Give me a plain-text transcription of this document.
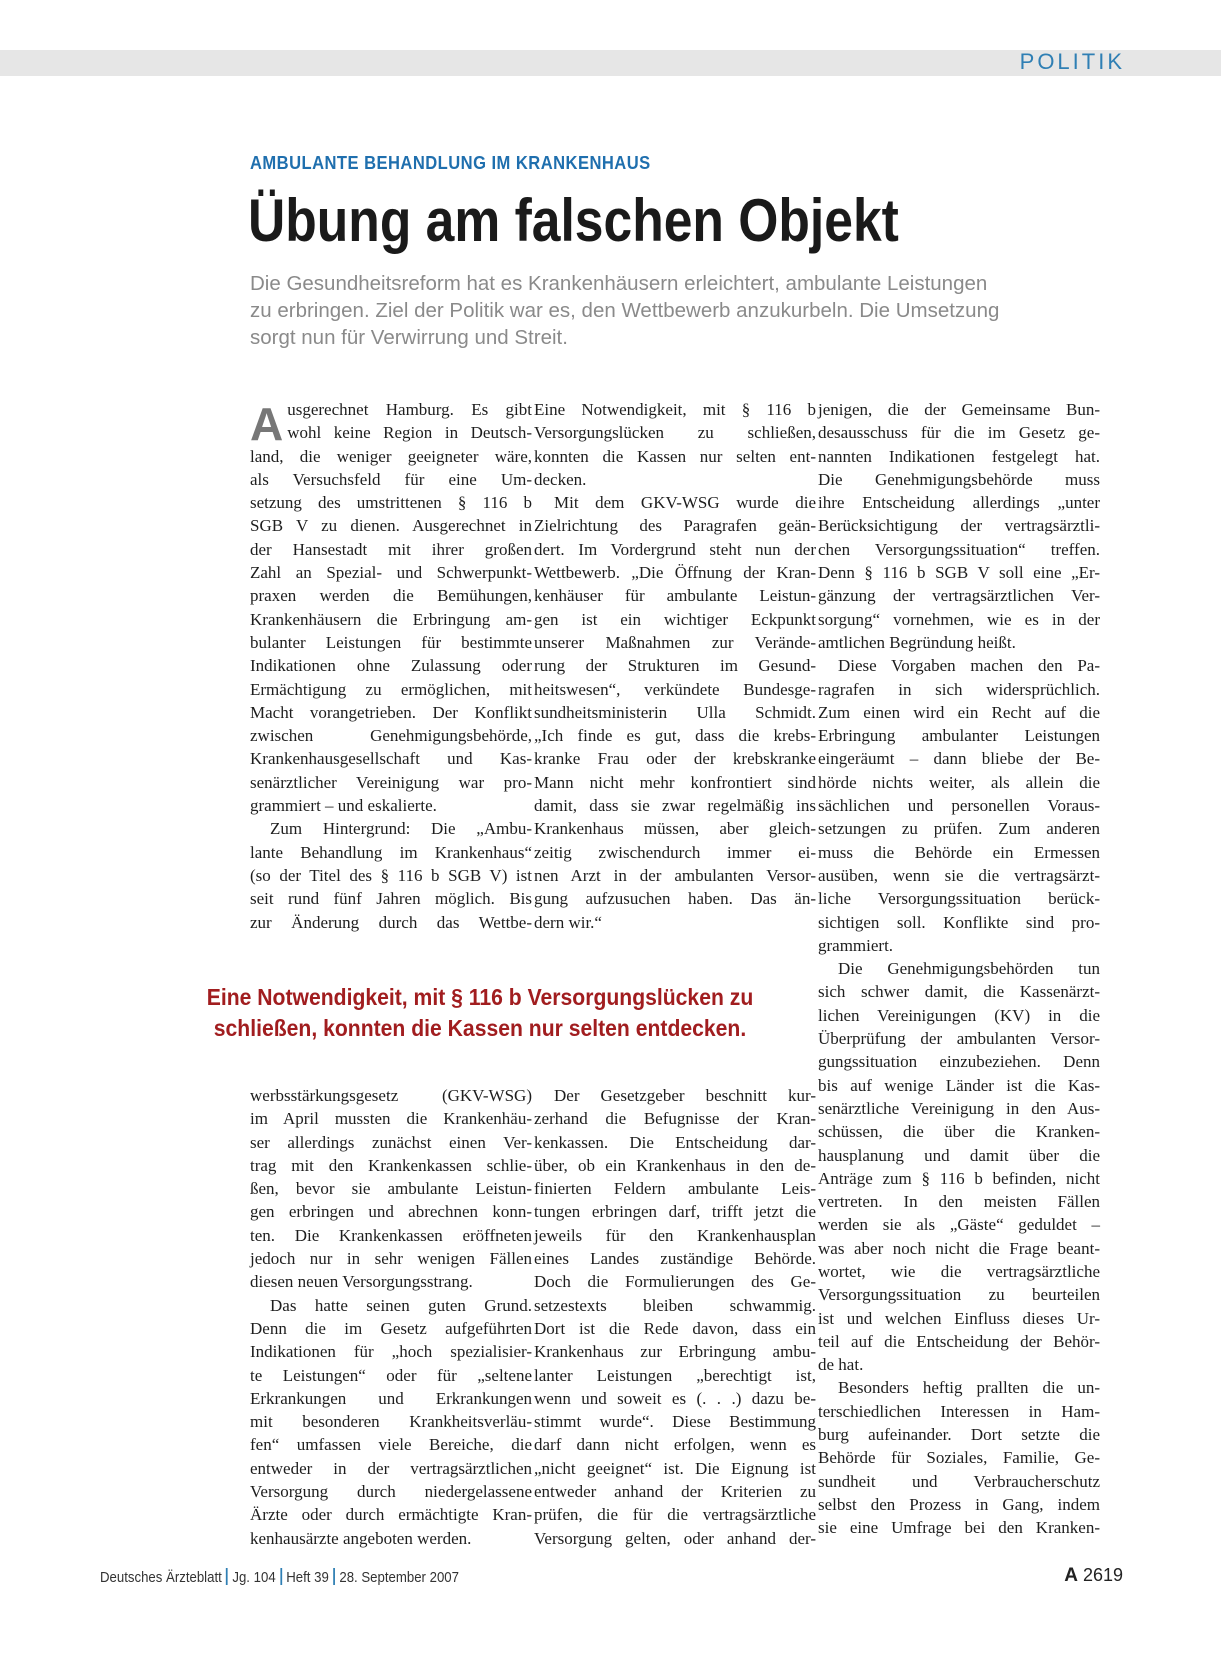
POLITIK
AMBULANTE BEHANDLUNG IM KRANKENHAUS
Übung am falschen Objekt

Die Gesundheitsreform hat es Krankenhäusern erleichtert, ambulante Leistungen

zu erbringen. Ziel der Politik war es, den Wettbewerb anzukurbeln. Die Umsetzung

sorgt nun für Verwirrung und Streit.

A usgerechnet Hamburg. Es gibt

wohl keine Region in Deutsch-

land, die weniger geeigneter wäre,

als Versuchsfeld für eine Um-

setzung des umstrittenen § 116 b

SGB V zu dienen. Ausgerechnet in

der Hansestadt mit ihrer großen

Zahl an Spezial- und Schwerpunkt-

praxen werden die Bemühungen,

Krankenhäusern die Erbringung am-

bulanter Leistungen für bestimmte

Indikationen ohne Zulassung oder

Ermächtigung zu ermöglichen, mit

Macht vorangetrieben. Der Konflikt

zwischen Genehmigungsbehörde,

Krankenhausgesellschaft und Kas-

senärztlicher Vereinigung war pro-

grammiert – und eskalierte.

Zum Hintergrund: Die „Ambu-

lante Behandlung im Krankenhaus“

(so der Titel des § 116 b SGB V) ist

seit rund fünf Jahren möglich. Bis

zur Änderung durch das Wettbe-

Eine Notwendigkeit, mit § 116 b

Versorgungslücken zu schließen,

konnten die Kassen nur selten ent-

decken.

Mit dem GKV-WSG wurde die

Zielrichtung des Paragrafen geän-

dert. Im Vordergrund steht nun der

Wettbewerb. „Die Öffnung der Kran-

kenhäuser für ambulante Leistun-

gen ist ein wichtiger Eckpunkt

unserer Maßnahmen zur Verände-

rung der Strukturen im Gesund-

heitswesen“, verkündete Bundesge-

sundheitsministerin Ulla Schmidt.

„Ich finde es gut, dass die krebs-

kranke Frau oder der krebskranke

Mann nicht mehr konfrontiert sind

damit, dass sie zwar regelmäßig ins

Krankenhaus müssen, aber gleich-

zeitig zwischendurch immer ei-

nen Arzt in der ambulanten Versor-

gung aufzusuchen haben. Das än-

dern wir.“

jenigen, die der Gemeinsame Bun-

desausschuss für die im Gesetz ge-

nannten Indikationen festgelegt hat.

Die Genehmigungsbehörde muss

ihre Entscheidung allerdings „unter

Berücksichtigung der vertragsärztli-

chen Versorgungssituation“ treffen.

Denn § 116 b SGB V soll eine „Er-

gänzung der vertragsärztlichen Ver-

sorgung“ vornehmen, wie es in der

amtlichen Begründung heißt.

Diese Vorgaben machen den Pa-

ragrafen in sich widersprüchlich.

Zum einen wird ein Recht auf die

Erbringung ambulanter Leistungen

eingeräumt – dann bliebe der Be-

hörde nichts weiter, als allein die

sächlichen und personellen Voraus-

setzungen zu prüfen. Zum anderen

muss die Behörde ein Ermessen

ausüben, wenn sie die vertragsärzt-

liche Versorgungssituation berück-

sichtigen soll. Konflikte sind pro-

grammiert.

Die Genehmigungsbehörden tun

sich schwer damit, die Kassenärzt-

lichen Vereinigungen (KV) in die

Überprüfung der ambulanten Versor-

gungssituation einzubeziehen. Denn

bis auf wenige Länder ist die Kas-

senärztliche Vereinigung in den Aus-

schüssen, die über die Kranken-

hausplanung und damit über die

Anträge zum § 116 b befinden, nicht

vertreten. In den meisten Fällen

werden sie als „Gäste“ geduldet –

was aber noch nicht die Frage beant-

wortet, wie die vertragsärztliche

Versorgungssituation zu beurteilen

ist und welchen Einfluss dieses Ur-

teil auf die Entscheidung der Behör-

de hat.

Besonders heftig prallten die un-

terschiedlichen Interessen in Ham-

burg aufeinander. Dort setzte die

Behörde für Soziales, Familie, Ge-

sundheit und Verbraucherschutz

selbst den Prozess in Gang, indem

sie eine Umfrage bei den Kranken-

Eine Notwendigkeit, mit § 116 b Versorgungslücken zu

schließen, konnten die Kassen nur selten entdecken.

werbsstärkungsgesetz (GKV-WSG)

im April mussten die Krankenhäu-

ser allerdings zunächst einen Ver-

trag mit den Krankenkassen schlie-

ßen, bevor sie ambulante Leistun-

gen erbringen und abrechnen konn-

ten. Die Krankenkassen eröffneten

jedoch nur in sehr wenigen Fällen

diesen neuen Versorgungsstrang.

Das hatte seinen guten Grund.

Denn die im Gesetz aufgeführten

Indikationen für „hoch spezialisier-

te Leistungen“ oder für „seltene

Erkrankungen und Erkrankungen

mit besonderen Krankheitsverläu-

fen“ umfassen viele Bereiche, die

entweder in der vertragsärztlichen

Versorgung durch niedergelassene

Ärzte oder durch ermächtigte Kran-

kenhausärzte angeboten werden.

Der Gesetzgeber beschnitt kur-

zerhand die Befugnisse der Kran-

kenkassen. Die Entscheidung dar-

über, ob ein Krankenhaus in den de-

finierten Feldern ambulante Leis-

tungen erbringen darf, trifft jetzt die

jeweils für den Krankenhausplan

eines Landes zuständige Behörde.

Doch die Formulierungen des Ge-

setzestexts bleiben schwammig.

Dort ist die Rede davon, dass ein

Krankenhaus zur Erbringung ambu-

lanter Leistungen „berechtigt ist,

wenn und soweit es (. . .) dazu be-

stimmt wurde“. Diese Bestimmung

darf dann nicht erfolgen, wenn es

„nicht geeignet“ ist. Die Eignung ist

entweder anhand der Kriterien zu

prüfen, die für die vertragsärztliche

Versorgung gelten, oder anhand der-

Deutsches Ärzteblatt Jg. 104 Heft 39 28. September 2007	A 2619
